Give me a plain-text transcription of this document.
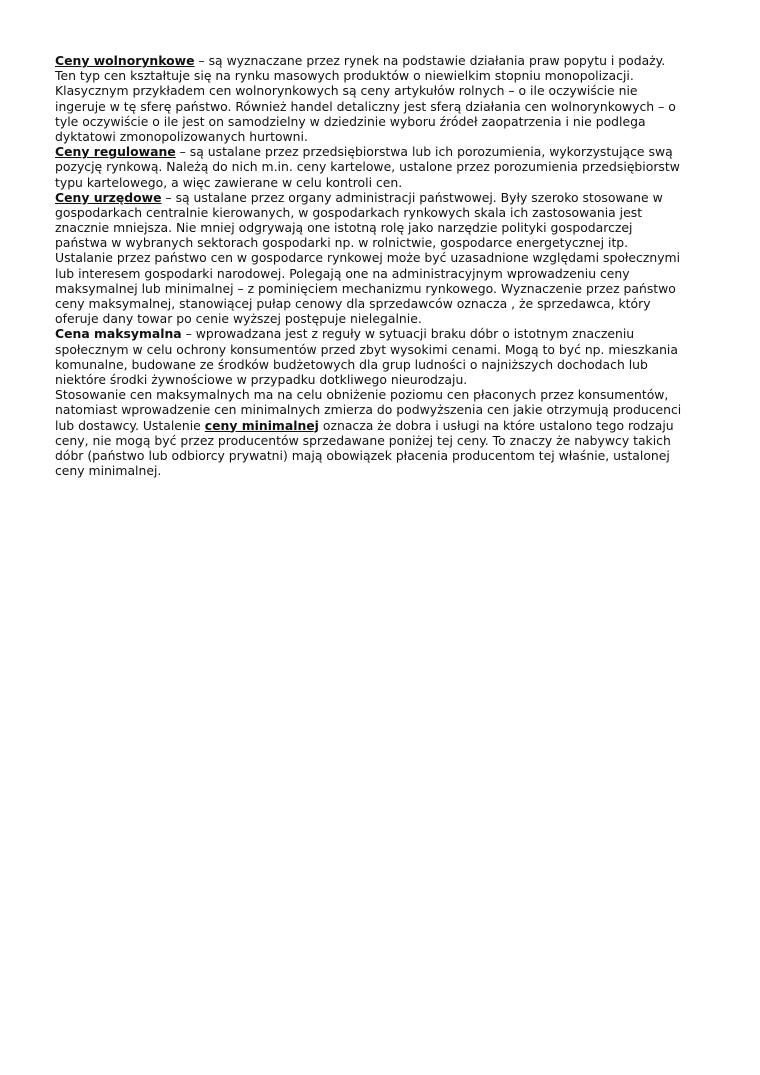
Ceny wolnorynkowe – są wyznaczane przez rynek na podstawie działania praw popytu i podaży.
Ten typ cen kształtuje się na rynku masowych produktów o niewielkim stopniu monopolizacji.
Klasycznym przykładem cen wolnorynkowych są ceny artykułów rolnych – o ile oczywiście nie
ingeruje w tę sferę państwo. Również handel detaliczny jest sferą działania cen wolnorynkowych – o
tyle oczywiście o ile jest on samodzielny w dziedzinie wyboru źródeł zaopatrzenia i nie podlega
dyktatowi zmonopolizowanych hurtowni.
Ceny regulowane – są ustalane przez przedsiębiorstwa lub ich porozumienia, wykorzystujące swą
pozycję rynkową. Należą do nich m.in. ceny kartelowe, ustalone przez porozumienia przedsiębiorstw
typu kartelowego, a więc zawierane w celu kontroli cen.
Ceny urzędowe – są ustalane przez organy administracji państwowej. Były szeroko stosowane w
gospodarkach centralnie kierowanych, w gospodarkach rynkowych skala ich zastosowania jest
znacznie mniejsza. Nie mniej odgrywają one istotną rolę jako narzędzie polityki gospodarczej
państwa w wybranych sektorach gospodarki np. w rolnictwie, gospodarce energetycznej itp.
Ustalanie przez państwo cen w gospodarce rynkowej może być uzasadnione względami społecznymi
lub interesem gospodarki narodowej. Polegają one na administracyjnym wprowadzeniu ceny
maksymalnej lub minimalnej – z pominięciem mechanizmu rynkowego. Wyznaczenie przez państwo
ceny maksymalnej, stanowiącej pułap cenowy dla sprzedawców oznacza , że sprzedawca, który
oferuje dany towar po cenie wyższej postępuje nielegalnie.
Cena maksymalna – wprowadzana jest z reguły w sytuacji braku dóbr o istotnym znaczeniu
społecznym w celu ochrony konsumentów przed zbyt wysokimi cenami. Mogą to być np. mieszkania
komunalne, budowane ze środków budżetowych dla grup ludności o najniższych dochodach lub
niektóre środki żywnościowe w przypadku dotkliwego nieurodzaju.
Stosowanie cen maksymalnych ma na celu obniżenie poziomu cen płaconych przez konsumentów,
natomiast wprowadzenie cen minimalnych zmierza do podwyższenia cen jakie otrzymują producenci
lub dostawcy. Ustalenie ceny minimalnej oznacza że dobra i usługi na które ustalono tego rodzaju
ceny, nie mogą być przez producentów sprzedawane poniżej tej ceny. To znaczy że nabywcy takich
dóbr (państwo lub odbiorcy prywatni) mają obowiązek płacenia producentom tej właśnie, ustalonej
ceny minimalnej.
